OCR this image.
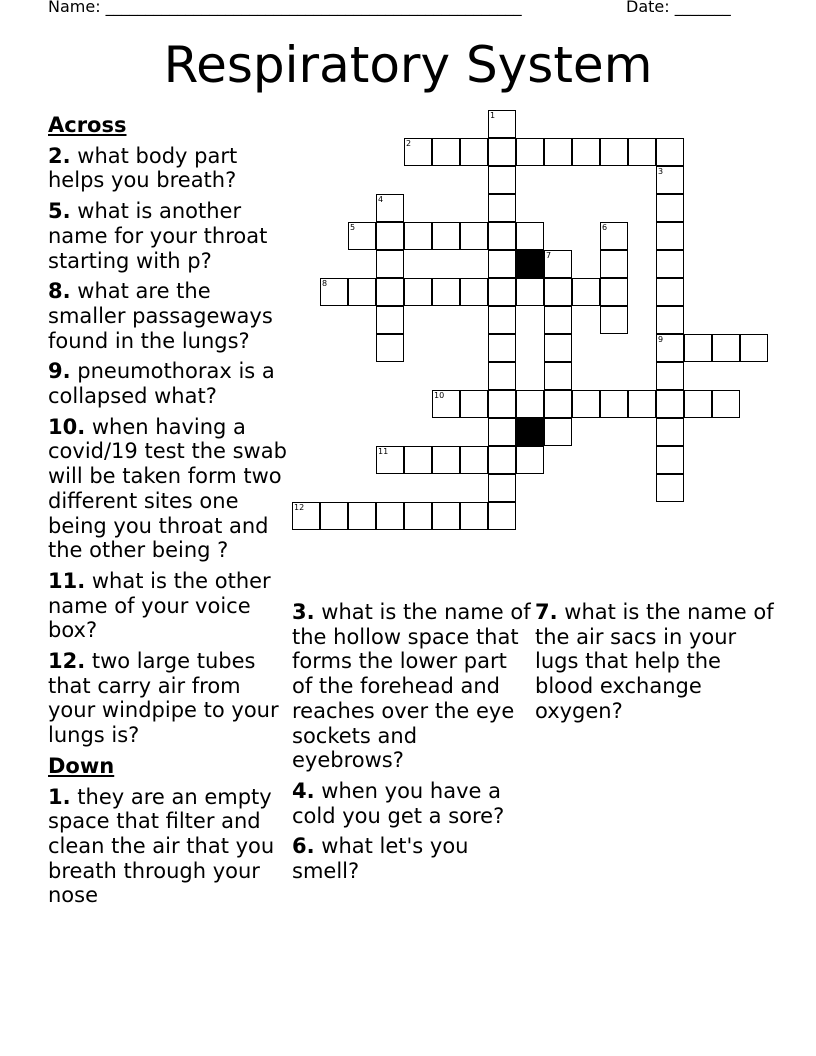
Name: ____________________________________________________	Date: _______
Respiratory System
1
3
9
4
6
7
2
5
8
10
11
12
Across
2. what body part helps you breath?
5. what is another name for your throat starting with p?
8. what are the smaller passageways found in the lungs?
9. pneumothorax is a collapsed what?
10. when having a covid/19 test the swab will be taken form two different sites one being you throat and the other being ?
11. what is the other name of your voice box?
12. two large tubes that carry air from your windpipe to your lungs is?
Down
1. they are an empty space that filter and clean the air that you breath through your nose
3. what is the name of the hollow space that forms the lower part of the forehead and reaches over the eye sockets and eyebrows?
4. when you have a cold you get a sore?
6. what let's you smell?
7. what is the name of the air sacs in your lugs that help the blood exchange oxygen?
